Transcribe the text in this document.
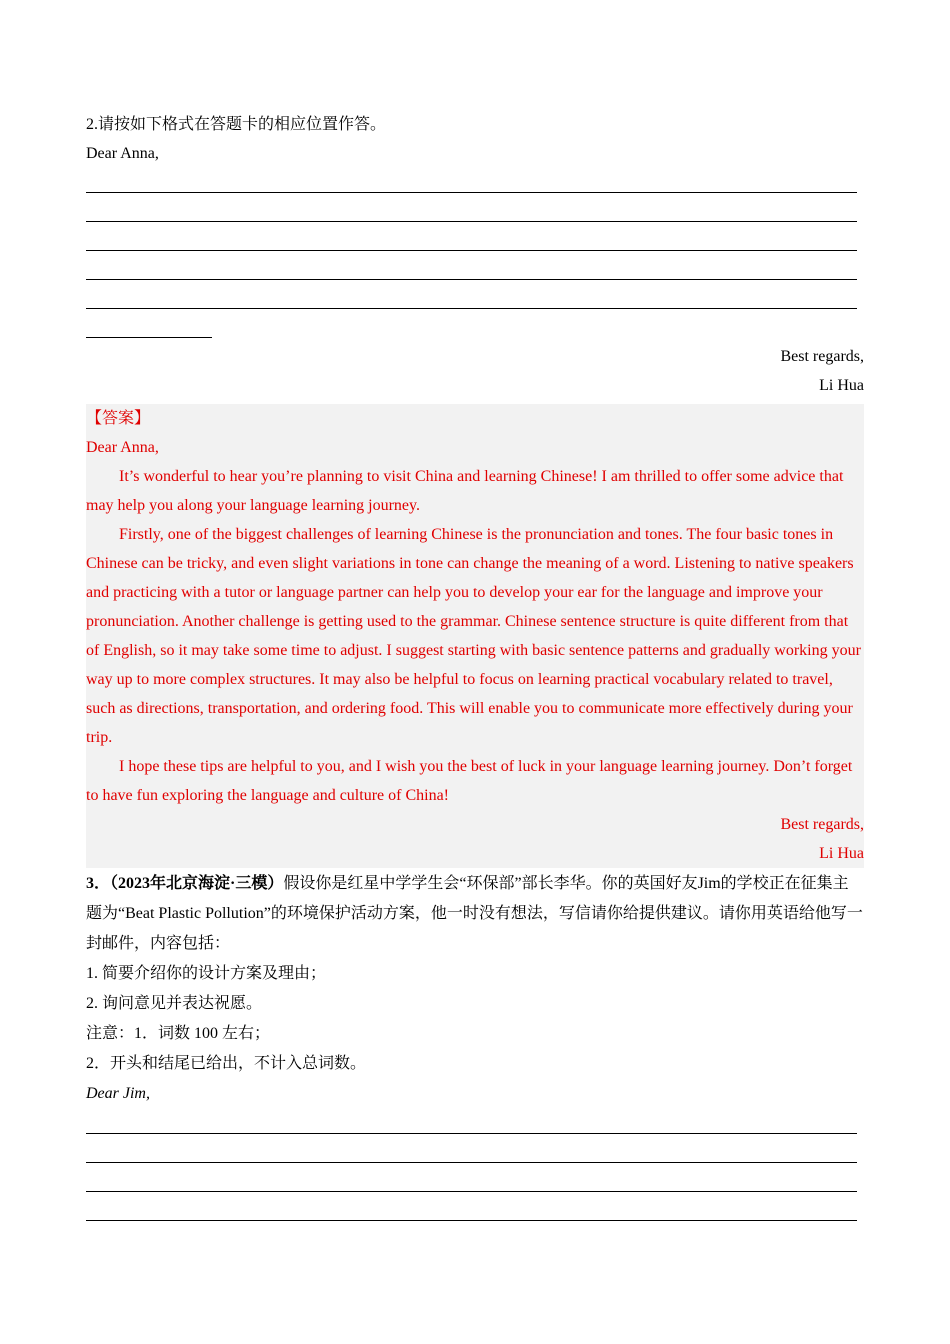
2.请按如下格式在答题卡的相应位置作答。
Dear Anna,
Best regards,
Li Hua
【答案】
Dear Anna,
It’s wonderful to hear you’re planning to visit China and learning Chinese! I am thrilled to offer some advice that may help you along your language learning journey.
Firstly, one of the biggest challenges of learning Chinese is the pronunciation and tones. The four basic tones in Chinese can be tricky, and even slight variations in tone can change the meaning of a word. Listening to native speakers and practicing with a tutor or language partner can help you to develop your ear for the language and improve your pronunciation. Another challenge is getting used to the grammar. Chinese sentence structure is quite different from that of English, so it may take some time to adjust. I suggest starting with basic sentence patterns and gradually working your way up to more complex structures. It may also be helpful to focus on learning practical vocabulary related to travel, such as directions, transportation, and ordering food. This will enable you to communicate more effectively during your trip.
I hope these tips are helpful to you, and I wish you the best of luck in your language learning journey. Don’t forget to have fun exploring the language and culture of China!
Best regards,
Li Hua
3．（2023年北京海淀·三模）假设你是红星中学学生会“环保部”部长李华。你的英国好友Jim的学校正在征集主题为“Beat Plastic Pollution”的环境保护活动方案，他一时没有想法，写信请你给提供建议。请你用英语给他写一封邮件，内容包括：
1. 简要介绍你的设计方案及理由；
2. 询问意见并表达祝愿。
注意：1．词数 100 左右；
2．开头和结尾已给出，不计入总词数。
Dear Jim,
